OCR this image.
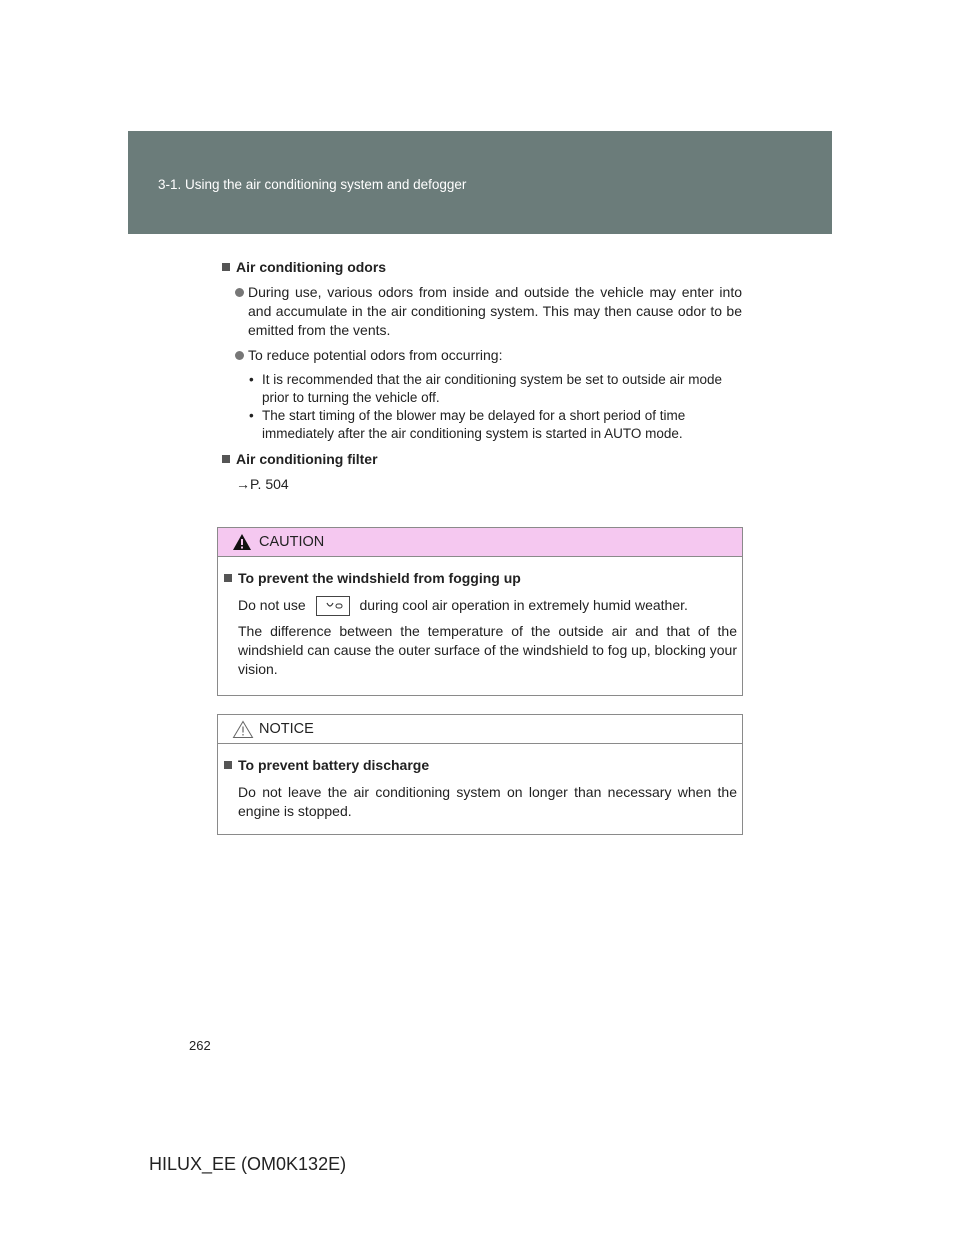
3-1. Using the air conditioning system and defogger
Air conditioning odors
During use, various odors from inside and outside the vehicle may enter into and accumulate in the air conditioning system. This may then cause odor to be emitted from the vents.
To reduce potential odors from occurring:
• It is recommended that the air conditioning system be set to outside air mode prior to turning the vehicle off.
• The start timing of the blower may be delayed for a short period of time immediately after the air conditioning system is started in AUTO mode.
Air conditioning filter
→P. 504
CAUTION
To prevent the windshield from fogging up
Do not use	during cool air operation in extremely humid weather.
The difference between the temperature of the outside air and that of the windshield can cause the outer surface of the windshield to fog up, blocking your vision.
NOTICE
To prevent battery discharge
Do not leave the air conditioning system on longer than necessary when the engine is stopped.
262
HILUX_EE (OM0K132E)
